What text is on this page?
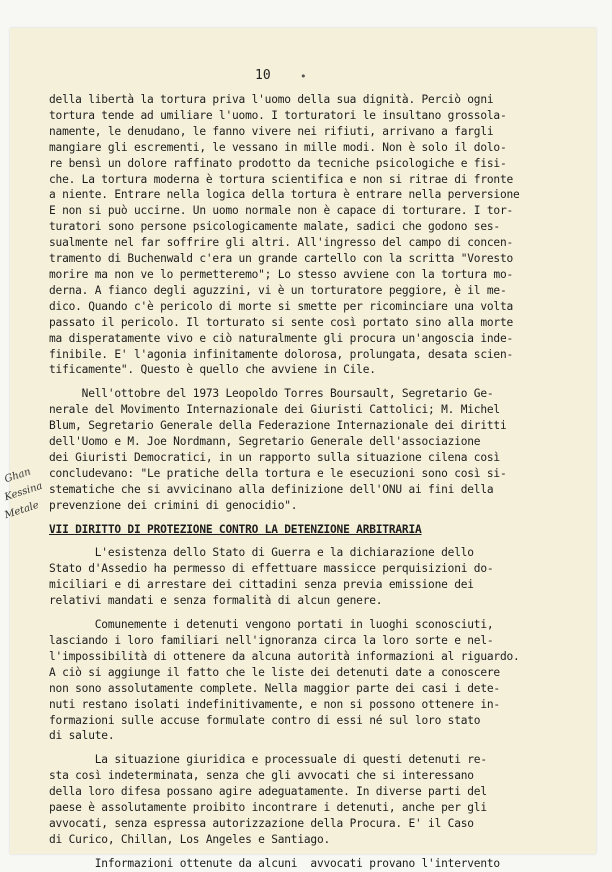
10	•
Ghan
Kessina
Metale
della libertà la tortura priva l'uomo della sua dignità. Perciò ogni
tortura tende ad umiliare l'uomo. I torturatori le insultano grossola-
namente, le denudano, le fanno vivere nei rifiuti, arrivano a fargli
mangiare gli escrementi, le vessano in mille modi. Non è solo il dolo-
re bensì un dolore raffinato prodotto da tecniche psicologiche e fisi-
che. La tortura moderna è tortura scientifica e non si ritrae di fronte
a niente. Entrare nella logica della tortura è entrare nella perversione
E non si può uccirne. Un uomo normale non è capace di torturare. I tor-
turatori sono persone psicologicamente malate, sadici che godono ses-
sualmente nel far soffrire gli altri. All'ingresso del campo di concen-
tramento di Buchenwald c'era un grande cartello con la scritta "Voresto
morire ma non ve lo permetteremo"; Lo stesso avviene con la tortura mo-
derna. A fianco degli aguzzini, vi è un torturatore peggiore, è il me-
dico. Quando c'è pericolo di morte si smette per ricominciare una volta
passato il pericolo. Il torturato si sente così portato sino alla morte
ma disperatamente vivo e ciò naturalmente gli procura un'angoscia inde-
finibile. E' l'agonia infinitamente dolorosa, prolungata, desata scien-
tificamente". Questo è quello che avviene in Cile.
Nell'ottobre del 1973 Leopoldo Torres Boursault, Segretario Ge-
nerale del Movimento Internazionale dei Giuristi Cattolici; M. Michel
Blum, Segretario Generale della Federazione Internazionale dei diritti
dell'Uomo e M. Joe Nordmann, Segretario Generale dell'associazione
dei Giuristi Democratici, in un rapporto sulla situazione cilena così
concludevano: "Le pratiche della tortura e le esecuzioni sono così si-
stematiche che si avvicinano alla definizione dell'ONU ai fini della
prevenzione dei crimini di genocidio".
VII DIRITTO DI PROTEZIONE CONTRO LA DETENZIONE ARBITRARIA
L'esistenza dello Stato di Guerra e la dichiarazione dello
Stato d'Assedio ha permesso di effettuare massicce perquisizioni do-
miciliari e di arrestare dei cittadini senza previa emissione dei
relativi mandati e senza formalità di alcun genere.
Comunemente i detenuti vengono portati in luoghi sconosciuti,
lasciando i loro familiari nell'ignoranza circa la loro sorte e nel-
l'impossibilità di ottenere da alcuna autorità informazioni al riguardo.
A ciò si aggiunge il fatto che le liste dei detenuti date a conoscere
non sono assolutamente complete. Nella maggior parte dei casi i detе-
nuti restano isolati indefinitivamente, e non si possono ottenere in-
formazioni sulle accuse formulate contro di essi né sul loro stato
di salute.
La situazione giuridica e processuale di questi detenuti re-
sta così indeterminata, senza che gli avvocati che si interessano
della loro difesa possano agire adeguatamente. In diverse parti del
paese è assolutamente proibito incontrare i detenuti, anche per gli
avvocati, senza espressa autorizzazione della Procura. E' il Caso
di Curico, Chillan, Los Angeles e Santiago.
Informazioni ottenute da alcuni  avvocati provano l'intervento
